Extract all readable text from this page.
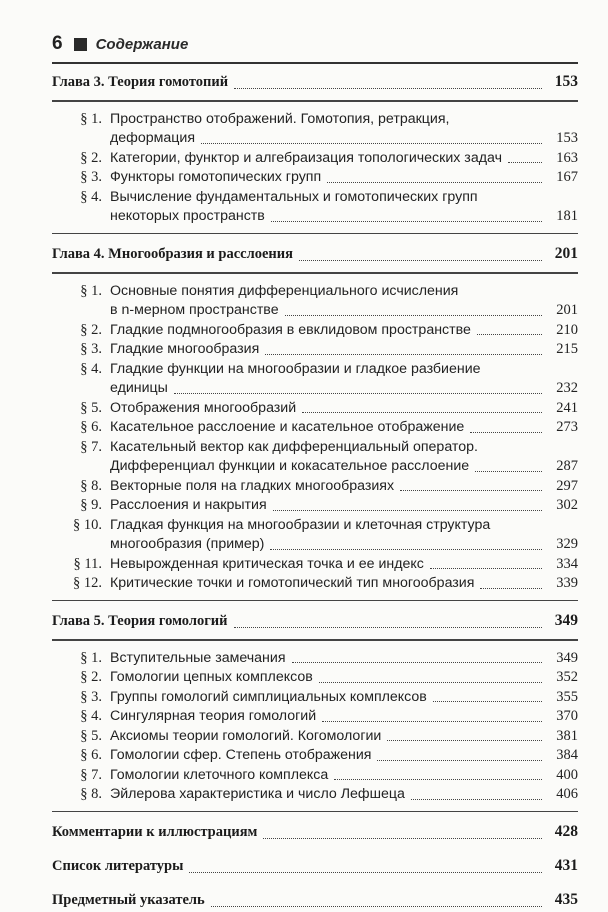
6 Содержание
Глава 3. Теория гомотопий	153
§ 1. Пространство отображений. Гомотопия, ретракция,
деформация	153
§ 2. Категории, функтор и алгебраизация топологических задач	163
§ 3. Функторы гомотопических групп	167
§ 4. Вычисление фундаментальных и гомотопических групп
некоторых пространств	181
Глава 4. Многообразия и расслоения	201
§ 1. Основные понятия дифференциального исчисления
в n-мерном пространстве	201
§ 2. Гладкие подмногообразия в евклидовом пространстве	210
§ 3. Гладкие многообразия	215
§ 4. Гладкие функции на многообразии и гладкое разбиение
единицы	232
§ 5. Отображения многообразий	241
§ 6. Касательное расслоение и касательное отображение	273
§ 7. Касательный вектор как дифференциальный оператор.
Дифференциал функции и кокасательное расслоение	287
§ 8. Векторные поля на гладких многообразиях	297
§ 9. Расслоения и накрытия	302
§ 10. Гладкая функция на многообразии и клеточная структура
многообразия (пример)	329
§ 11. Невырожденная критическая точка и ее индекс	334
§ 12. Критические точки и гомотопический тип многообразия	339
Глава 5. Теория гомологий	349
§ 1. Вступительные замечания	349
§ 2. Гомологии цепных комплексов	352
§ 3. Группы гомологий симплициальных комплексов	355
§ 4. Сингулярная теория гомологий	370
§ 5. Аксиомы теории гомологий. Когомологии	381
§ 6. Гомологии сфер. Степень отображения	384
§ 7. Гомологии клеточного комплекса	400
§ 8. Эйлерова характеристика и число Лефшеца	406
Комментарии к иллюстрациям	428
Список литературы	431
Предметный указатель	435
